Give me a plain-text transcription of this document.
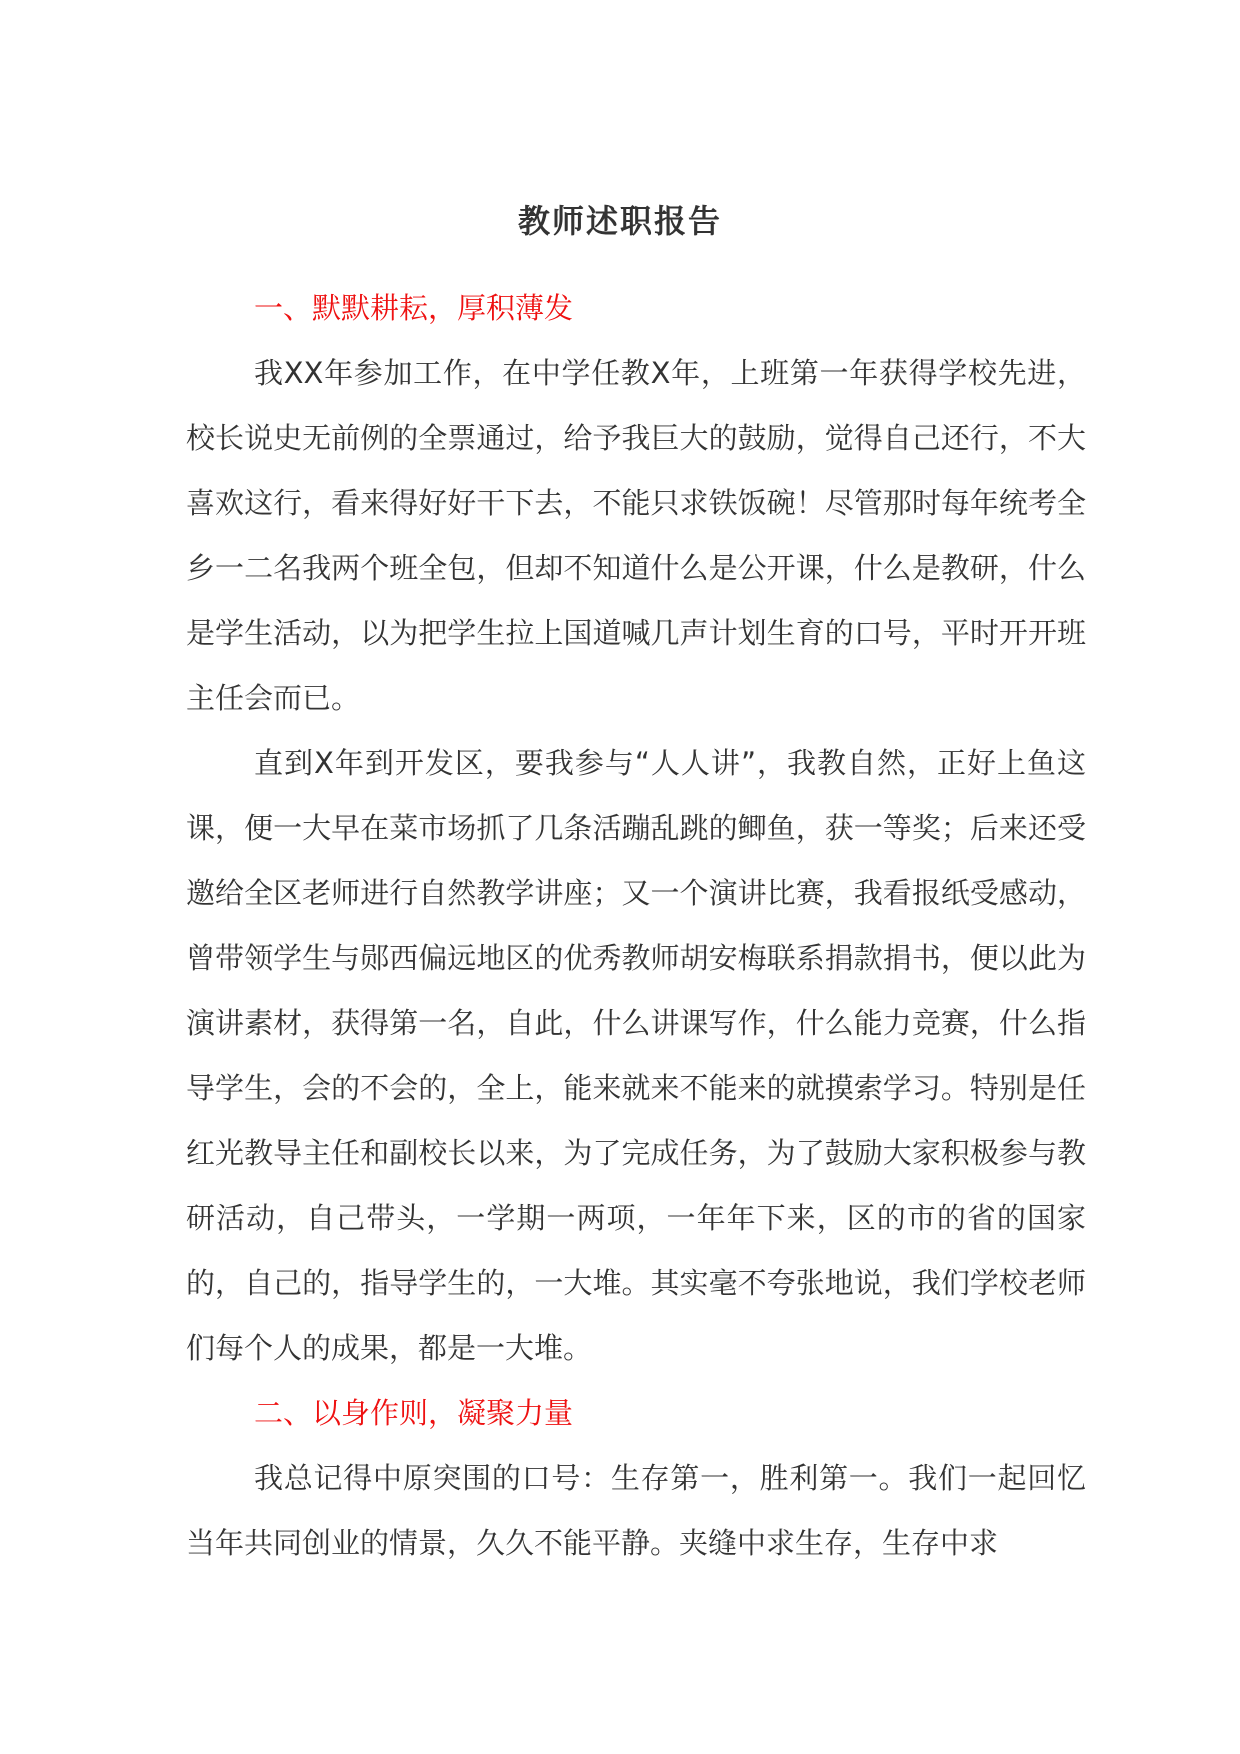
教师述职报告
一、默默耕耘，厚积薄发

我XX年参加工作，在中学任教X年，上班第一年获得学校先进，校长说史无前例的全票通过，给予我巨大的鼓励，觉得自己还行，不大喜欢这行，看来得好好干下去，不能只求铁饭碗！尽管那时每年统考全乡一二名我两个班全包，但却不知道什么是公开课，什么是教研，什么是学生活动，以为把学生拉上国道喊几声计划生育的口号，平时开开班主任会而已。

直到X年到开发区，要我参与“人人讲”，我教自然，正好上鱼这课，便一大早在菜市场抓了几条活蹦乱跳的鲫鱼，获一等奖；后来还受邀给全区老师进行自然教学讲座；又一个演讲比赛，我看报纸受感动，曾带领学生与郧西偏远地区的优秀教师胡安梅联系捐款捐书，便以此为演讲素材，获得第一名，自此，什么讲课写作，什么能力竞赛，什么指导学生，会的不会的，全上，能来就来不能来的就摸索学习。特别是任红光教导主任和副校长以来，为了完成任务，为了鼓励大家积极参与教研活动，自己带头，一学期一两项，一年年下来，区的市的省的国家的，自己的，指导学生的，一大堆。其实毫不夸张地说，我们学校老师们每个人的成果，都是一大堆。

二、以身作则，凝聚力量

我总记得中原突围的口号：生存第一，胜利第一。我们一起回忆当年共同创业的情景，久久不能平静。夹缝中求生存，生存中求
